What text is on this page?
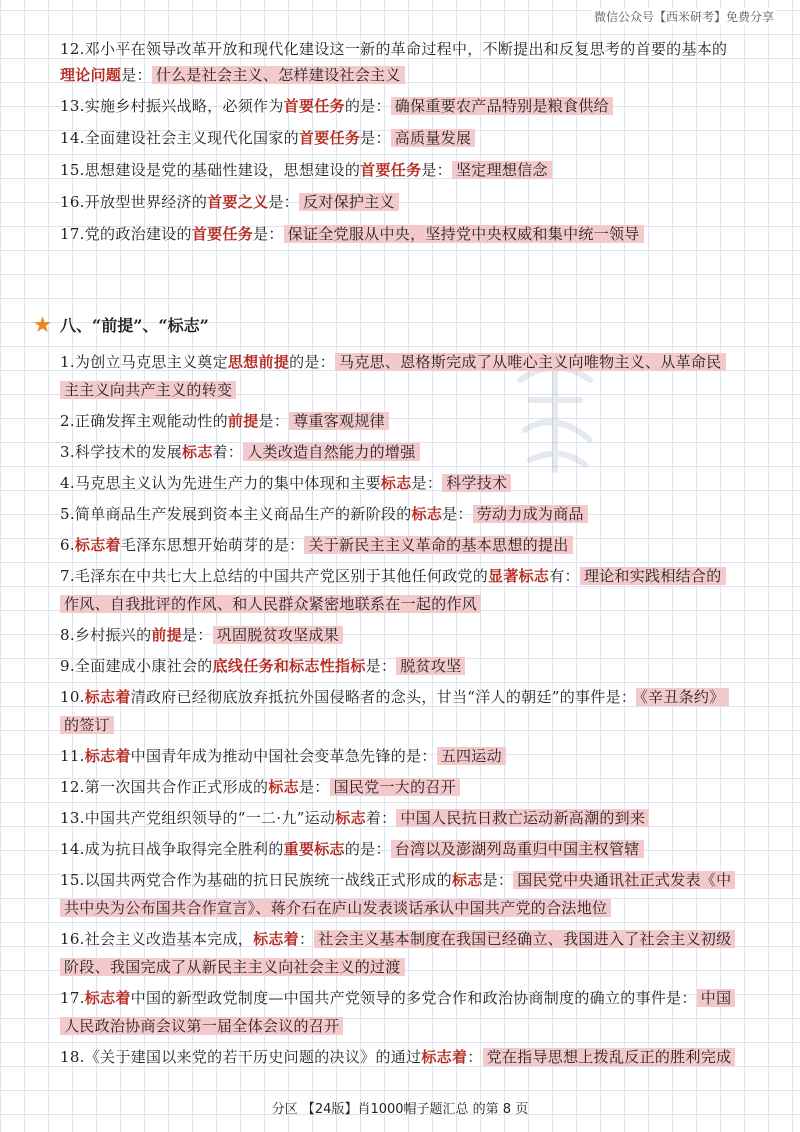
微信公众号【西米研考】免费分享

12.邓小平在领导改革开放和现代化建设这一新的革命过程中，不断提出和反复思考的首要的基本的理论问题是： 什么是社会主义、怎样建设社会主义

13.实施乡村振兴战略，必须作为首要任务的是： 确保重要农产品特别是粮食供给

14.全面建设社会主义现代化国家的首要任务是： 高质量发展

15.思想建设是党的基础性建设，思想建设的首要任务是： 坚定理想信念

16.开放型世界经济的首要之义是： 反对保护主义

17.党的政治建设的首要任务是： 保证全党服从中央，坚持党中央权威和集中统一领导

★ 八、“前提”、“标志”

1.为创立马克思主义奠定思想前提的是： 马克思、恩格斯完成了从唯心主义向唯物主义、从革命民主主义向共产主义的转变

2.正确发挥主观能动性的前提是： 尊重客观规律

3.科学技术的发展标志着： 人类改造自然能力的增强

4.马克思主义认为先进生产力的集中体现和主要标志是： 科学技术

5.简单商品生产发展到资本主义商品生产的新阶段的标志是： 劳动力成为商品

6.标志着毛泽东思想开始萌芽的是： 关于新民主主义革命的基本思想的提出

7.毛泽东在中共七大上总结的中国共产党区别于其他任何政党的显著标志有： 理论和实践相结合的作风、自我批评的作风、和人民群众紧密地联系在一起的作风

8.乡村振兴的前提是： 巩固脱贫攻坚成果

9.全面建成小康社会的底线任务和标志性指标是： 脱贫攻坚

10.标志着清政府已经彻底放弃抵抗外国侵略者的念头，甘当“洋人的朝廷”的事件是： 《辛丑条约》的签订

11.标志着中国青年成为推动中国社会变革急先锋的是： 五四运动

12.第一次国共合作正式形成的标志是： 国民党一大的召开

13.中国共产党组织领导的“一二·九”运动标志着： 中国人民抗日救亡运动新高潮的到来

14.成为抗日战争取得完全胜利的重要标志的是： 台湾以及澎湖列岛重归中国主权管辖

15.以国共两党合作为基础的抗日民族统一战线正式形成的标志是： 国民党中央通讯社正式发表《中共中央为公布国共合作宣言》、蒋介石在庐山发表谈话承认中国共产党的合法地位

16.社会主义改造基本完成，标志着： 社会主义基本制度在我国已经确立、我国进入了社会主义初级阶段、我国完成了从新民主主义向社会主义的过渡

17.标志着中国的新型政党制度—中国共产党领导的多党合作和政治协商制度的确立的事件是： 中国人民政治协商会议第一届全体会议的召开

18.《关于建国以来党的若干历史问题的决议》的通过标志着： 党在指导思想上拨乱反正的胜利完成

分区 【24版】肖1000帽子题汇总 的第 8 页
